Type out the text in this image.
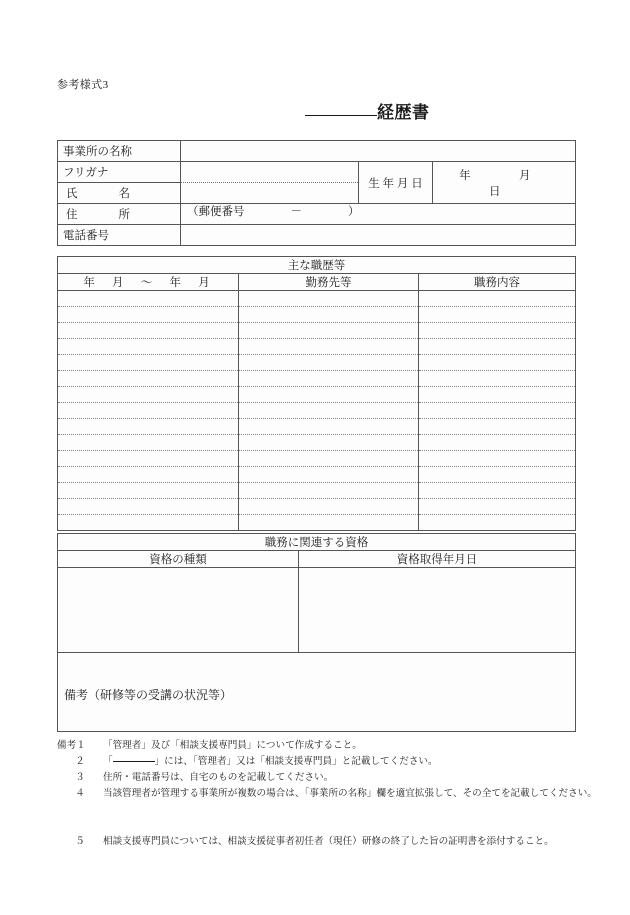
参考様式3
経歴書
事業所の名称			
フリガナ		生 年 月 日	年　月　日
氏　名			
住　所	（郵便番号　　　　－　　　　）		

電話番号			
主な職歴等		
年　月　～　年　月	勤務先等	職務内容

職務に関連する資格	
資格の種類	資格取得年月日

備考（研修等の受講の状況等）
備考１	「管理者」及び「相談支援専門員」について作成すること。
２	「	」には、「管理者」又は「相談支援専門員」と記載してください。
３	住所・電話番号は、自宅のものを記載してください。
４	当該管理者が管理する事業所が複数の場合は、「事業所の名称」欄を適宜拡張して、その全てを記載してください。
５	相談支援専門員については、相談支援従事者初任者（現任）研修の終了した旨の証明書を添付すること。
